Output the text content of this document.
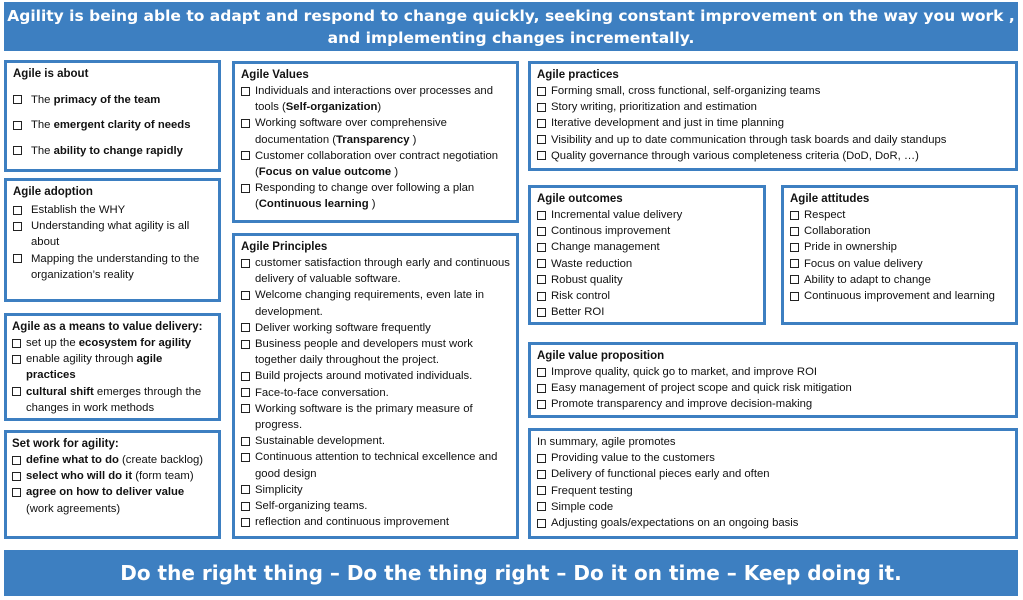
Agility is being able to adapt and respond to change quickly, seeking constant improvement on the way you work ,
and implementing changes incrementally.
Agile is about
The primacy of the team
The emergent clarity of needs
The ability to change rapidly
Agile adoption
Establish the WHY
Understanding what agility is all about
Mapping the understanding to the organization’s reality
Agile as a means to value delivery:
set up the ecosystem for agility
enable agility through agile practices
cultural shift emerges through the changes in work methods
Set work for agility:
define what to do (create backlog)
select who will do it (form team)
agree on how to deliver value (work agreements)
Agile Values
Individuals and interactions over processes and tools (Self-organization)
Working software over comprehensive documentation (Transparency )
Customer collaboration over contract negotiation (Focus on value outcome )
Responding to change over following a plan (Continuous learning )
Agile Principles
customer satisfaction through early and continuous delivery of valuable software.
Welcome changing requirements, even late in development.
Deliver working software frequently
Business people and developers must work together daily throughout the project.
Build projects around motivated individuals.
Face-to-face conversation.
Working software is the primary measure of progress.
Sustainable development.
Continuous attention to technical excellence and good design
Simplicity
Self-organizing teams.
reflection and continuous improvement
Agile practices
Forming small, cross functional, self-organizing teams
Story writing, prioritization and estimation
Iterative development and just in time planning
Visibility and up to date communication through task boards and daily standups
Quality governance through various completeness criteria (DoD, DoR, …)
Agile outcomes
Incremental value delivery
Continous improvement
Change management
Waste reduction
Robust quality
Risk control
Better ROI
Agile attitudes
Respect
Collaboration
Pride in ownership
Focus on value delivery
Ability to adapt to change
Continuous improvement and learning
Agile value proposition
Improve quality, quick go to market, and improve ROI
Easy management of project scope and quick risk mitigation
Promote transparency and improve decision-making
In summary, agile promotes
Providing value to the customers
Delivery of functional pieces early and often
Frequent testing
Simple code
Adjusting goals/expectations on an ongoing basis
Do the right thing – Do the thing right – Do it on time – Keep doing it.
